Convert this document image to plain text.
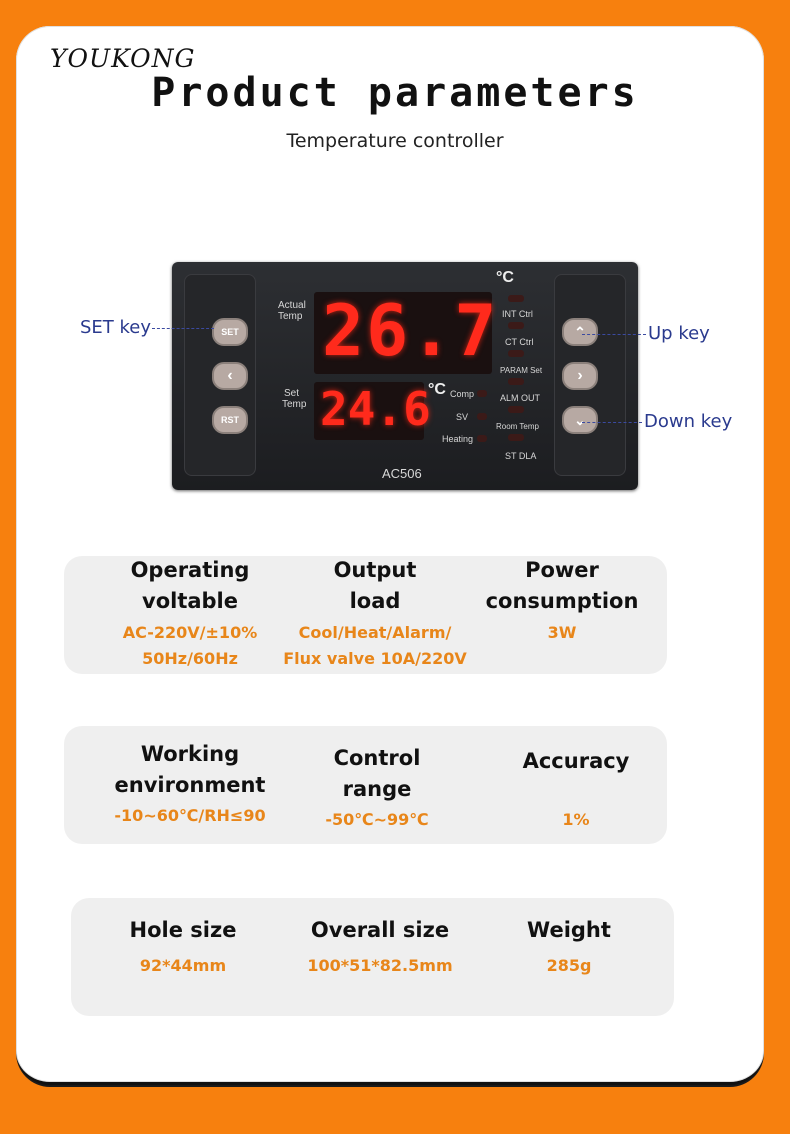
YOUKONG
Product parameters
Temperature controller
SET
‹
RST
⌃
›
⌄
Actual
Temp
Set
Temp
26.7
24.6
°C
°C Comp
SV
Heating
INT Ctrl
CT Ctrl
PARAM Set
ALM OUT
Room Temp
ST DLA
AC506
SET key	Up key
Down key
Operating
voltable
AC-220V/±10%
50Hz/60Hz
Output
load
Cool/Heat/Alarm/
Flux valve 10A/220V
Power
consumption
3W
Working
environment
-10~60℃/RH≤90
Control
range
-50℃~99℃
Accuracy
1%
Hole size
92*44mm
Overall size
100*51*82.5mm
Weight
285g
